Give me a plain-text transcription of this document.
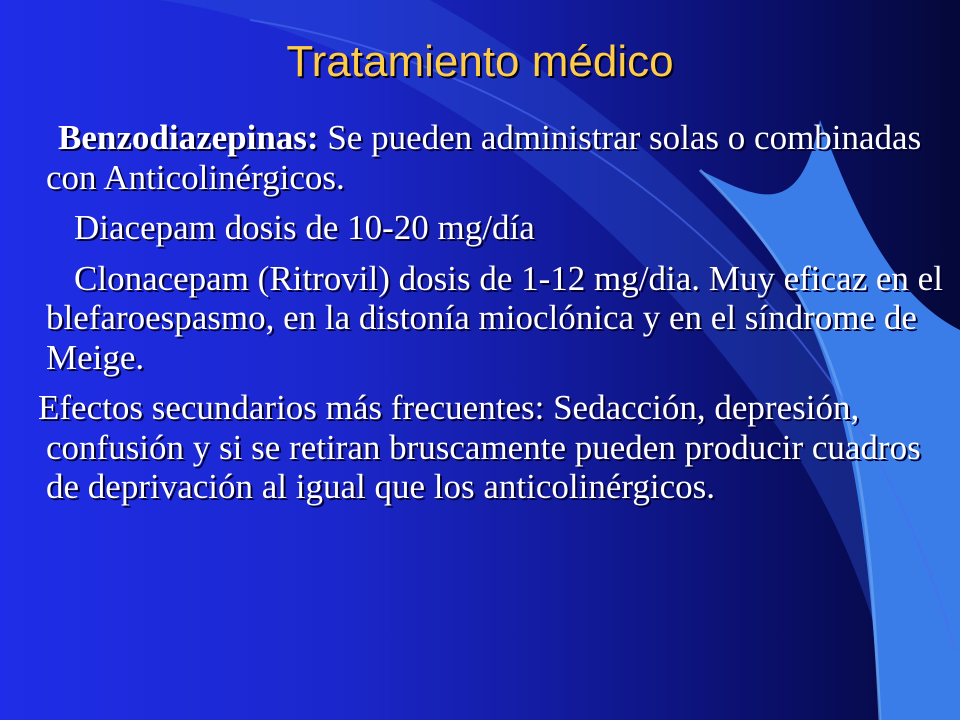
Tratamiento médico

Benzodiazepinas: Se pueden administrar solas o combinadas con Anticolinérgicos.

Diacepam dosis de 10-20 mg/día

Clonacepam (Ritrovil) dosis de 1-12 mg/dia. Muy eficaz en el blefaroespasmo, en la distonía mioclónica y en el síndrome de Meige.

Efectos secundarios más frecuentes: Sedacción, depresión, confusión y si se retiran bruscamente pueden producir cuadros de deprivación al igual que los anticolinérgicos.
